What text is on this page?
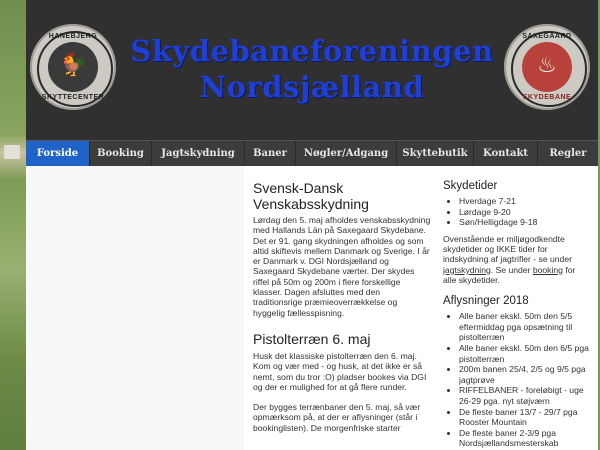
HANEBJERG
🐓
SKYTTECENTER
Skydebaneforeningen
Nordsjælland
SAXEGAARD
♨
SKYDEBANE
Forside	Booking	Jagtskydning	Baner	Nøgler/Adgang	Skyttebutik	Kontakt	Regler
Svensk-Dansk Venskabsskydning

Lørdag den 5. maj afholdes venskabsskydning med Hallands Län på Saxegaard Skydebane. Det er 91. gang skydningen afholdes og som altid skiftevis mellem Danmark og Sverige. I år er Danmark v. DGI Nordsjælland og Saxegaard Skydebane værter. Der skydes riffel på 50m og 200m i flere forskellige klasser. Dagen afsluttes med den traditionsrige præmieoverrækkelse og hyggelig fællesspisning.

Pistolterræn 6. maj

Husk det klassiske pistolterræn den 6. maj. Kom og vær med - og husk, at det ikke er så nemt, som du tror :O) pladser bookes via DGI og der er mulighed for at gå flere runder.

Der bygges terrænbaner den 5. maj, så vær opmærksom på, at der er aflysninger (står i bookinglisten). De morgenfriske starter

Skydetider
• Hverdage 7-21
• Lørdage 9-20
• Søn/Helligdage 9-18

Ovenstående er miljøgodkendte skydetider og IKKE tider for indskydning af jagtrifler - se under jagtskydning. Se under booking for alle skydetider.

Aflysninger 2018
• Alle baner ekskl. 50m den 5/5 eftermiddag pga opsætning til pistolterræn
• Alle baner ekskl. 50m den 6/5 pga pistolterræn
• 200m banen 25/4, 2/5 og 9/5 pga jagtprøve
• RIFFELBANER - foreløbigt - uge 26-29 pga. nyt støjværn
• De fleste baner 13/7 - 29/7 pga Rooster Mountain
• De fleste baner 2-3/9 pga Nordsjællandsmesterskab
